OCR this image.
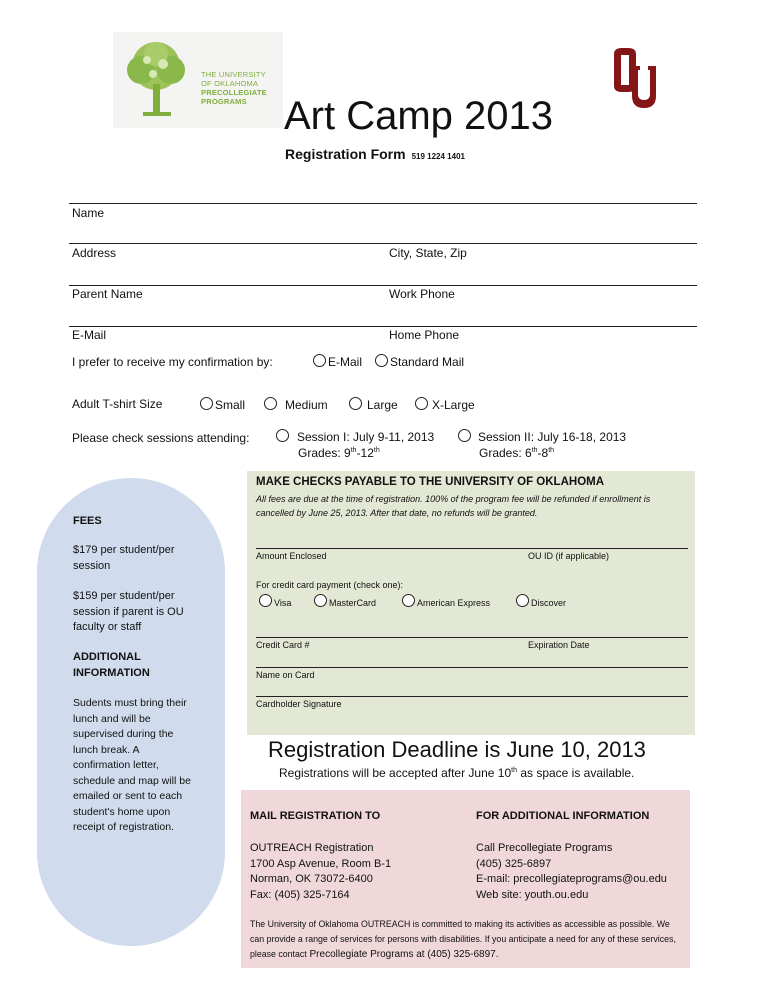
THE UNIVERSITY
OF OKLAHOMA
PRECOLLEGIATE
PROGRAMS Art Camp 2013
Registration Form 519 1224 1401
Name
Address	City, State, Zip
Parent Name	Work Phone
E-Mail	Home Phone
I prefer to receive my confirmation by:	E-Mail	Standard Mail
Adult T-shirt Size	Small	Medium	Large	X-Large
Please check sessions attending:	Session I: July 9-11, 2013
Grades: 9th-12th
Session II: July 16-18, 2013
Grades: 6th-8th
FEES
$179 per student/per session
$159 per student/per session if parent is OU faculty or staff
ADDITIONAL INFORMATION
Sudents must bring their lunch and will be supervised during the lunch break. A confirmation letter, schedule and map will be emailed or sent to each student's home upon receipt of registration.
MAKE CHECKS PAYABLE TO THE UNIVERSITY OF OKLAHOMA
All fees are due at the time of registration. 100% of the program fee will be refunded if enrollment is cancelled by June 25, 2013. After that date, no refunds will be granted.
Amount Enclosed	OU ID (if applicable)
For credit card payment (check one):
Visa	MasterCard	American Express	Discover
Credit Card #	Expiration Date
Name on Card
Cardholder Signature
Registration Deadline is June 10, 2013
Registrations will be accepted after June 10th as space is available.
MAIL REGISTRATION TO
OUTREACH Registration
1700 Asp Avenue, Room B-1
Norman, OK 73072-6400
Fax: (405) 325-7164
FOR ADDITIONAL INFORMATION
Call Precollegiate Programs
(405) 325-6897
E-mail: precollegiateprograms@ou.edu
Web site: youth.ou.edu
The University of Oklahoma OUTREACH is committed to making its activities as accessible as possible. We can provide a range of services for persons with disabilities. If you anticipate a need for any of these services, please contact Precollegiate Programs at (405) 325-6897.
